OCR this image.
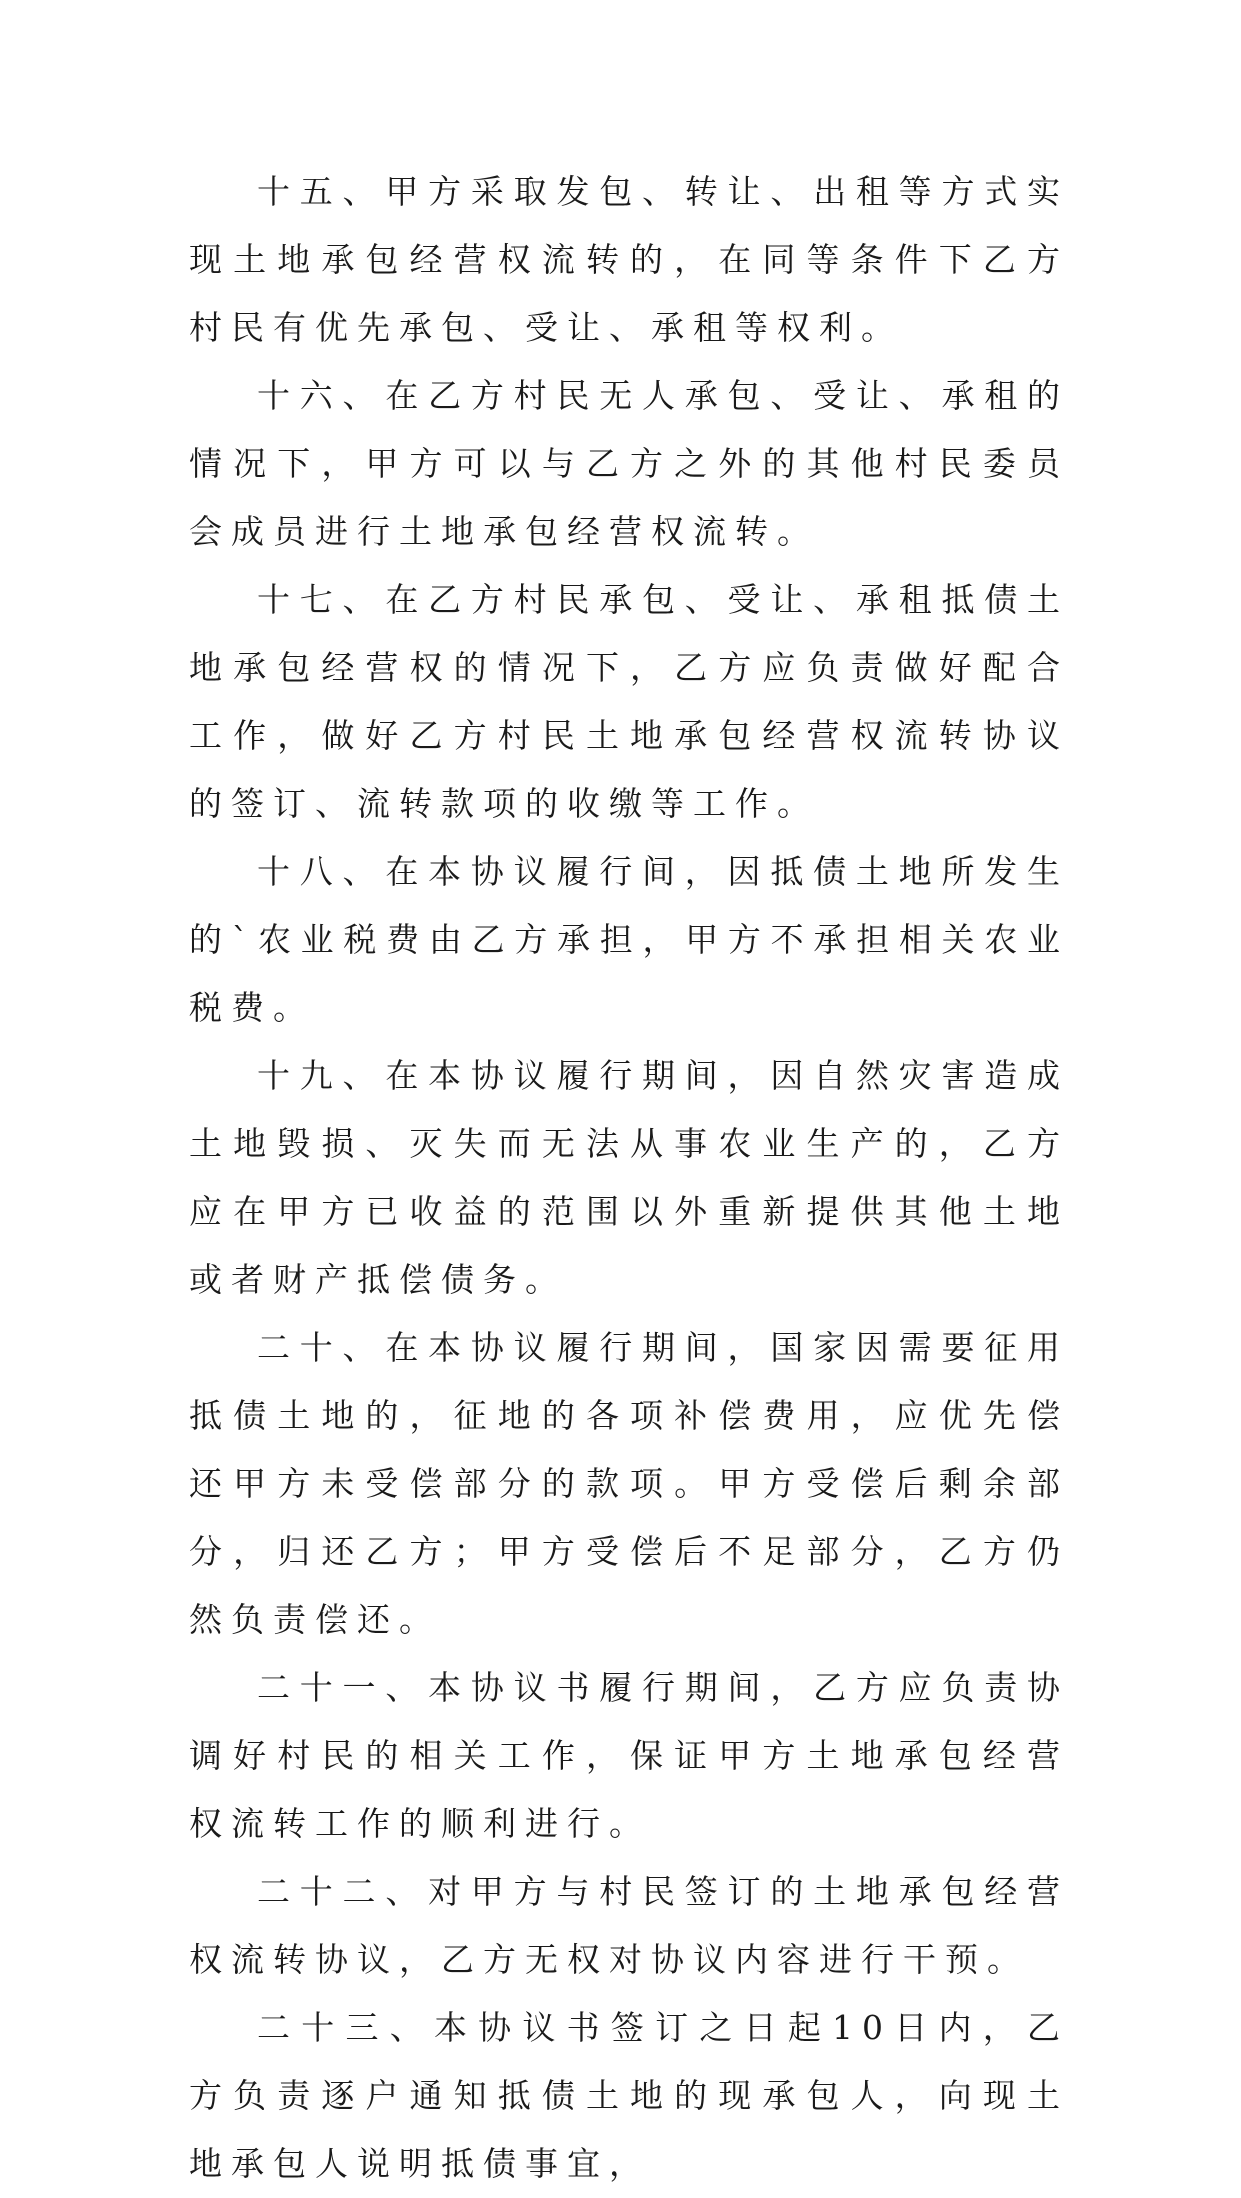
十五、甲方采取发包、转让、出租等方式实现土地承包经营权流转的，在同等条件下乙方村民有优先承包、受让、承租等权利。

十六、在乙方村民无人承包、受让、承租的情况下，甲方可以与乙方之外的其他村民委员会成员进行土地承包经营权流转。

十七、在乙方村民承包、受让、承租抵债土地承包经营权的情况下，乙方应负责做好配合工作，做好乙方村民土地承包经营权流转协议的签订、流转款项的收缴等工作。

十八、在本协议履行间，因抵债土地所发生的`农业税费由乙方承担，甲方不承担相关农业税费。

十九、在本协议履行期间，因自然灾害造成土地毁损、灭失而无法从事农业生产的，乙方应在甲方已收益的范围以外重新提供其他土地或者财产抵偿债务。

二十、在本协议履行期间，国家因需要征用抵债土地的，征地的各项补偿费用，应优先偿还甲方未受偿部分的款项。甲方受偿后剩余部分，归还乙方；甲方受偿后不足部分，乙方仍然负责偿还。

二十一、本协议书履行期间，乙方应负责协调好村民的相关工作，保证甲方土地承包经营权流转工作的顺利进行。

二十二、对甲方与村民签订的土地承包经营权流转协议，乙方无权对协议内容进行干预。

二十三、本协议书签订之日起10日内，乙方负责逐户通知抵债土地的现承包人，向现土地承包人说明抵债事宜，
